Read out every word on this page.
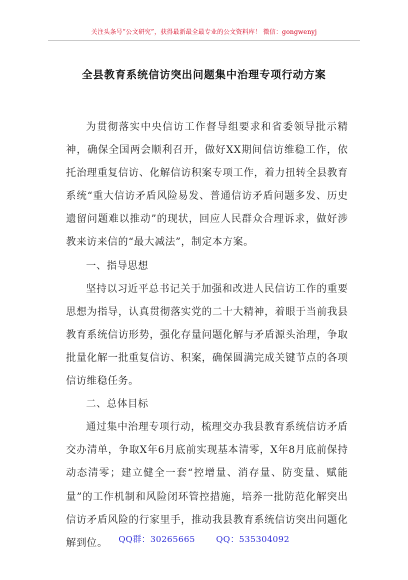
关注头条号“公文研究”，获得最新最全最专业的公文资料库！ 微信：gongwenyj
全县教育系统信访突出问题集中治理专项行动方案

为贯彻落实中央信访工作督导组要求和省委领导批示精神，确保全国两会顺利召开，做好XX期间信访维稳工作，依托治理重复信访、化解信访积案专项工作，着力扭转全县教育系统“重大信访矛盾风险易发、普通信访矛盾问题多发、历史遗留问题难以推动”的现状，回应人民群众合理诉求，做好涉教来访来信的“最大减法”，制定本方案。

一、指导思想

坚持以习近平总书记关于加强和改进人民信访工作的重要思想为指导，认真贯彻落实党的二十大精神，着眼于当前我县教育系统信访形势，强化存量问题化解与矛盾源头治理，争取批量化解一批重复信访、积案，确保圆满完成关键节点的各项信访维稳任务。

二、总体目标

通过集中治理专项行动，梳理交办我县教育系统信访矛盾交办清单，争取X年6月底前实现基本清零，X年8月底前保持动态清零；建立健全一套“控增量、消存量、防变量、赋能量”的工作机制和风险闭环管控措施，培养一批防范化解突出信访矛盾风险的行家里手，推动我县教育系统信访突出问题化解到位。	QQ群：30265665 QQ：535304092
